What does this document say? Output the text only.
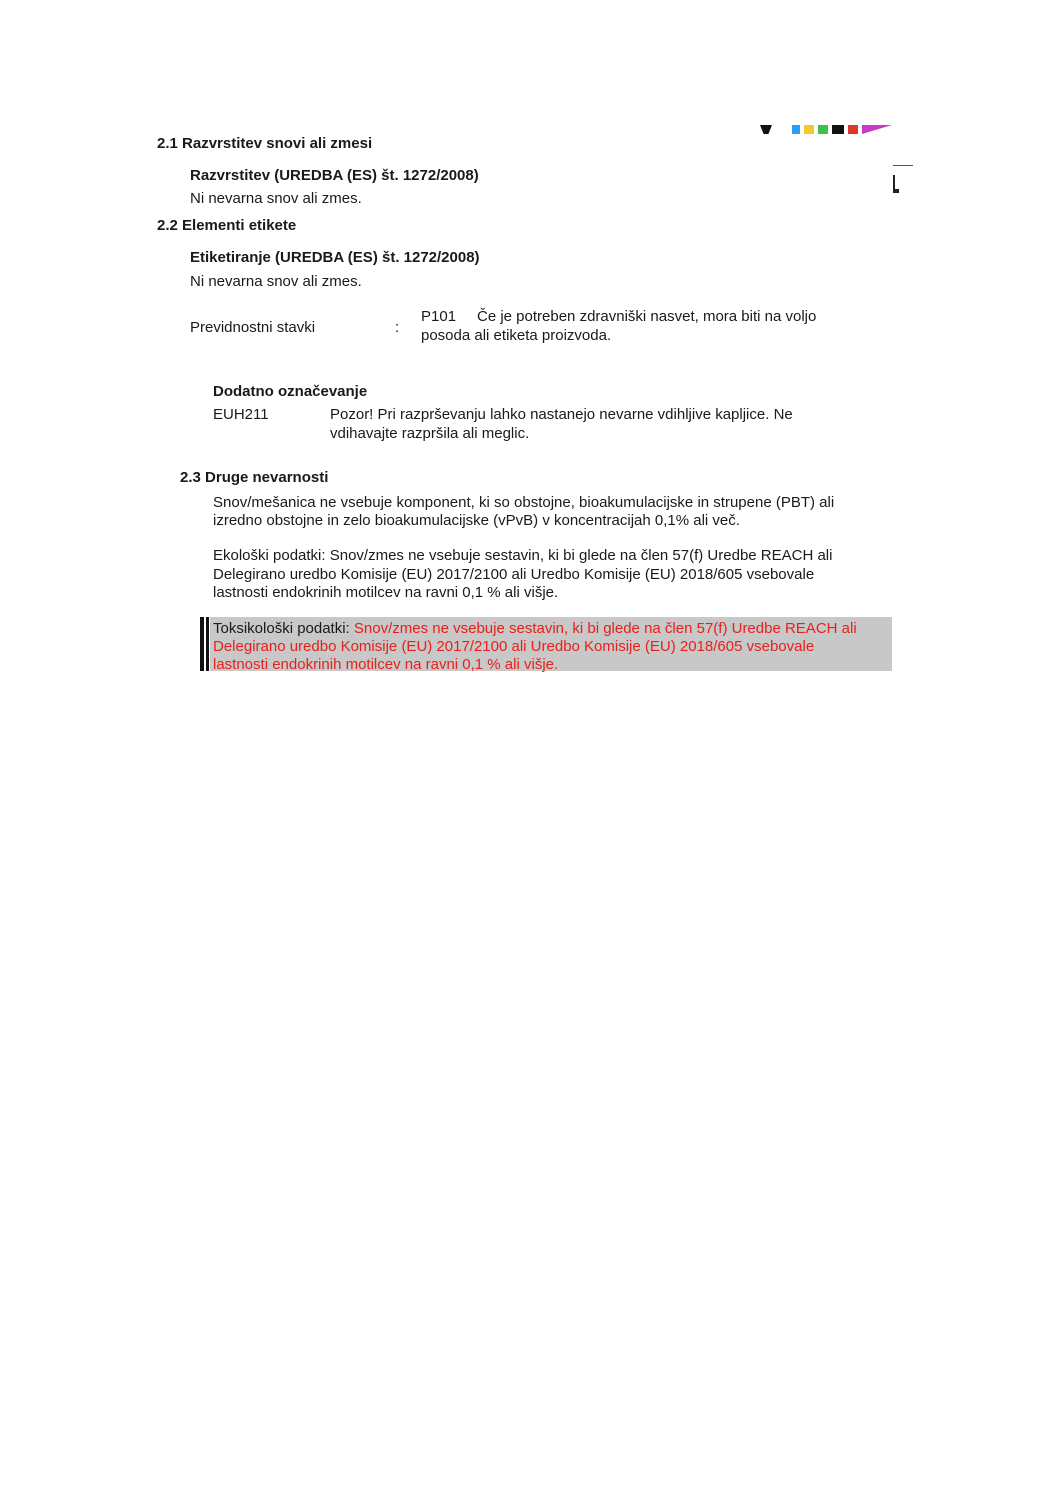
2.1 Razvrstitev snovi ali zmesi
Razvrstitev (UREDBA (ES) št. 1272/2008)
Ni nevarna snov ali zmes.
2.2 Elementi etikete
Etiketiranje (UREDBA (ES) št. 1272/2008)
Ni nevarna snov ali zmes.
Previdnostni stavki	:
P101 Če je potreben zdravniški nasvet, mora biti na voljo
posoda ali etiketa proizvoda.
Dodatno označevanje
EUH211	Pozor! Pri razprševanju lahko nastanejo nevarne vdihljive kapljice. Ne
vdihavajte razpršila ali meglic.
2.3 Druge nevarnosti
Snov/mešanica ne vsebuje komponent, ki so obstojne, bioakumulacijske in strupene (PBT) ali
izredno obstojne in zelo bioakumulacijske (vPvB) v koncentracijah 0,1% ali več.
Ekološki podatki: Snov/zmes ne vsebuje sestavin, ki bi glede na člen 57(f) Uredbe REACH ali
Delegirano uredbo Komisije (EU) 2017/2100 ali Uredbo Komisije (EU) 2018/605 vsebovale
lastnosti endokrinih motilcev na ravni 0,1 % ali višje.
Toksikološki podatki: Snov/zmes ne vsebuje sestavin, ki bi glede na člen 57(f) Uredbe REACH ali
Delegirano uredbo Komisije (EU) 2017/2100 ali Uredbo Komisije (EU) 2018/605 vsebovale
lastnosti endokrinih motilcev na ravni 0,1 % ali višje.
